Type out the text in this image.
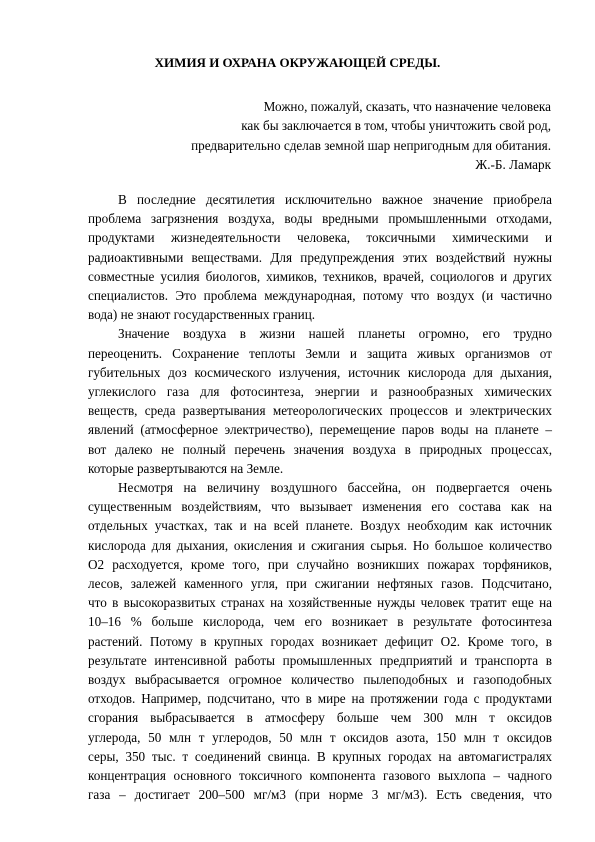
ХИМИЯ И ОХРАНА ОКРУЖАЮЩЕЙ СРЕДЫ.
Можно, пожалуй, сказать, что назначение человека
как бы заключается в том, чтобы уничтожить свой род,
предварительно сделав земной шар непригодным для обитания.
Ж.-Б. Ламарк
В последние десятилетия исключительно важное значение приобрела
проблема загрязнения воздуха, воды вредными промышленными отходами,
продуктами жизнедеятельности человека, токсичными химическими и
радиоактивными веществами. Для предупреждения этих воздействий нужны
совместные усилия биологов, химиков, техников, врачей, социологов и других
специалистов. Это проблема международная, потому что воздух (и частично
вода) не знают государственных границ.
Значение воздуха в жизни нашей планеты огромно, его трудно
переоценить. Сохранение теплоты Земли и защита живых организмов от
губительных доз космического излучения, источник кислорода для дыхания,
углекислого газа для фотосинтеза, энергии и разнообразных химических
веществ, среда развертывания метеорологических процессов и электрических
явлений (атмосферное электричество), перемещение паров воды на планете –
вот далеко не полный перечень значения воздуха в природных процессах,
которые развертываются на Земле.
Несмотря на величину воздушного бассейна, он подвергается очень
существенным воздействиям, что вызывает изменения его состава как на
отдельных участках, так и на всей планете. Воздух необходим как источник
кислорода для дыхания, окисления и сжигания сырья. Но большое количество
О2 расходуется, кроме того, при случайно возникших пожарах торфяников,
лесов, залежей каменного угля, при сжигании нефтяных газов. Подсчитано,
что в высокоразвитых странах на хозяйственные нужды человек тратит еще на
10–16 % больше кислорода, чем его возникает в результате фотосинтеза
растений. Потому в крупных городах возникает дефицит О2. Кроме того, в
результате интенсивной работы промышленных предприятий и транспорта в
воздух выбрасывается огромное количество пылеподобных и газоподобных
отходов. Например, подсчитано, что в мире на протяжении года с продуктами
сгорания выбрасывается в атмосферу больше чем 300 млн т оксидов
углерода, 50 млн т углеродов, 50 млн т оксидов азота, 150 млн т оксидов
серы, 350 тыс. т соединений свинца. В крупных городах на автомагистралях
концентрация основного токсичного компонента газового выхлопа – чадного
газа – достигает 200–500 мг/м3 (при норме 3 мг/м3). Есть сведения, что
